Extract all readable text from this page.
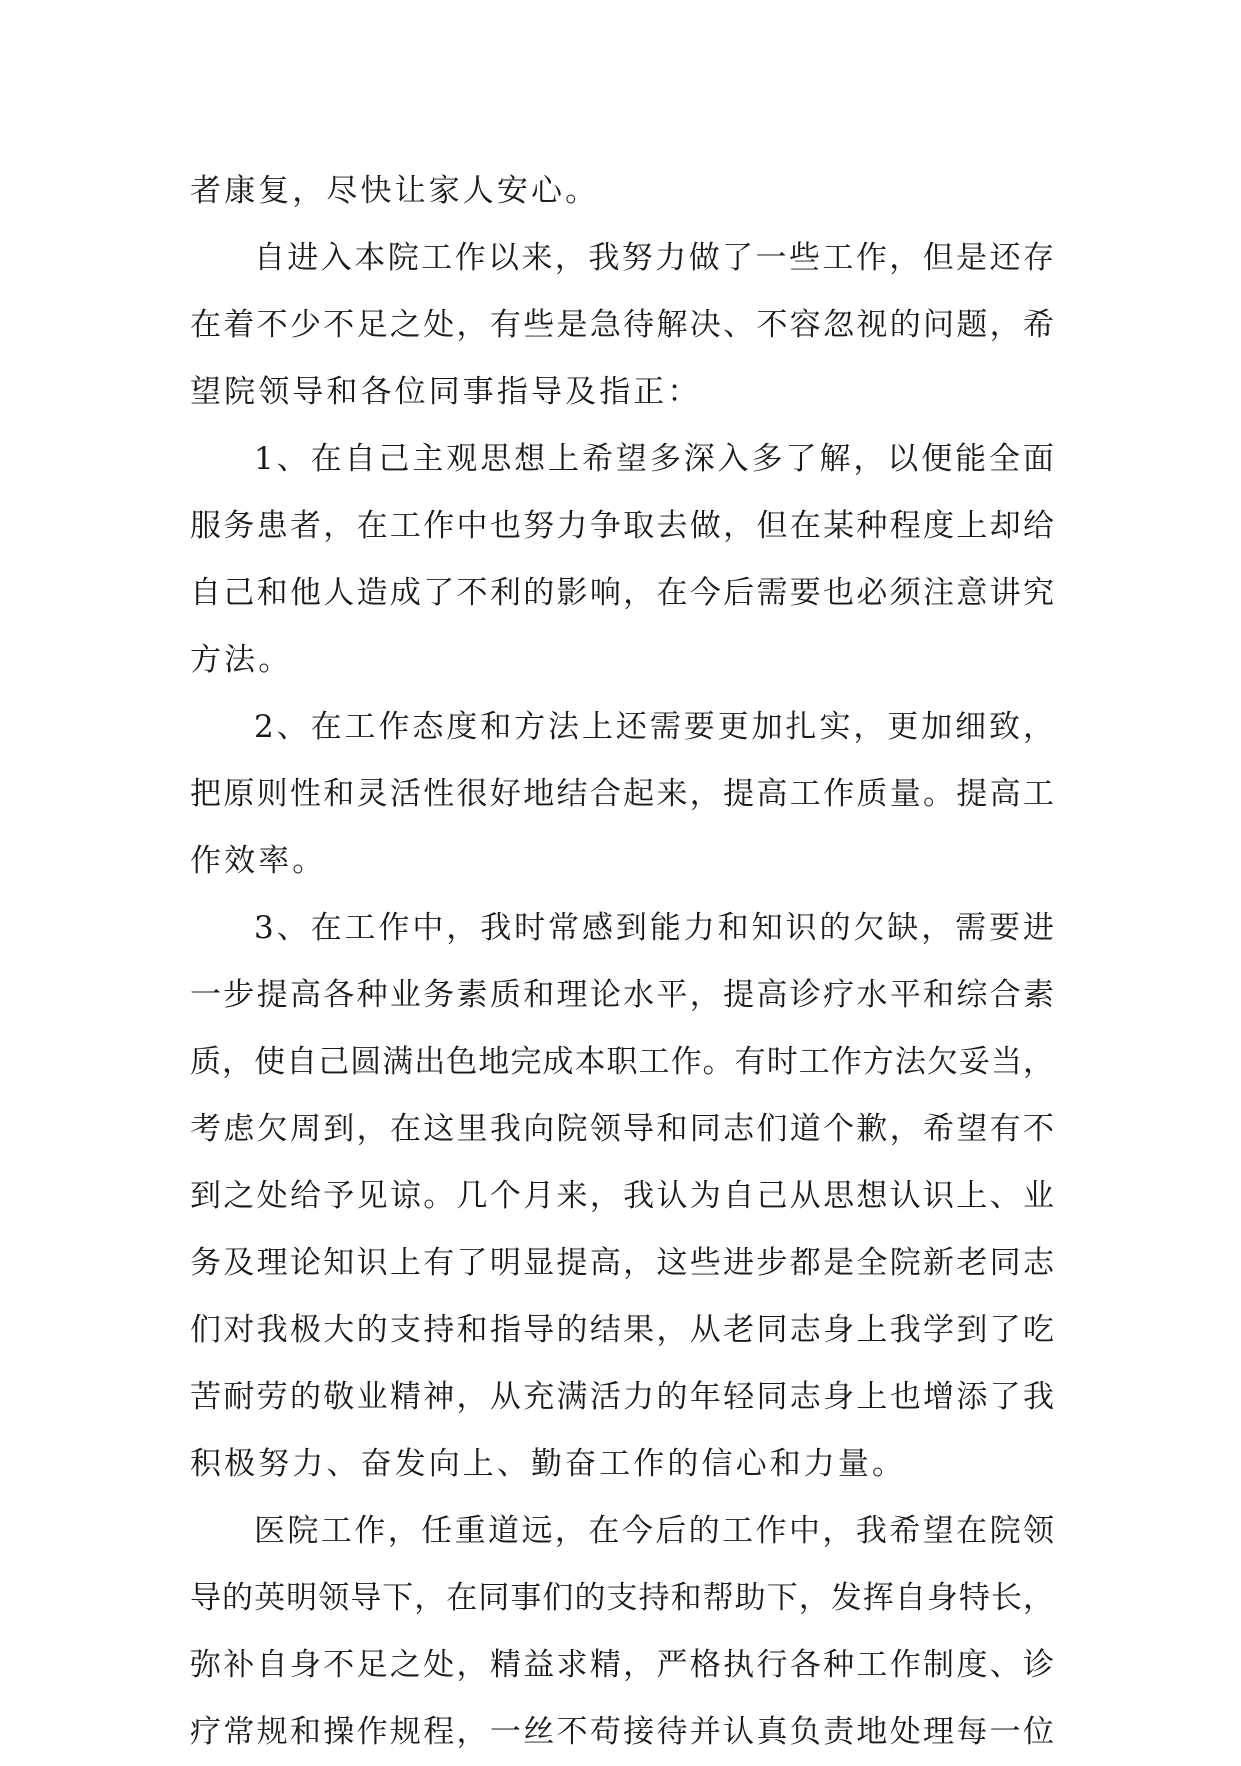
者康复，尽快让家人安心。
自进入本院工作以来，我努力做了一些工作，但是还存
在着不少不足之处，有些是急待解决、不容忽视的问题，希
望院领导和各位同事指导及指正：
1、在自己主观思想上希望多深入多了解，以便能全面
服务患者，在工作中也努力争取去做，但在某种程度上却给
自己和他人造成了不利的影响，在今后需要也必须注意讲究
方法。
2、在工作态度和方法上还需要更加扎实，更加细致，
把原则性和灵活性很好地结合起来，提高工作质量。提高工
作效率。
3、在工作中，我时常感到能力和知识的欠缺，需要进
一步提高各种业务素质和理论水平，提高诊疗水平和综合素
质，使自己圆满出色地完成本职工作。有时工作方法欠妥当，
考虑欠周到，在这里我向院领导和同志们道个歉，希望有不
到之处给予见谅。几个月来，我认为自己从思想认识上、业
务及理论知识上有了明显提高，这些进步都是全院新老同志
们对我极大的支持和指导的结果，从老同志身上我学到了吃
苦耐劳的敬业精神，从充满活力的年轻同志身上也增添了我
积极努力、奋发向上、勤奋工作的信心和力量。
医院工作，任重道远，在今后的工作中，我希望在院领
导的英明领导下，在同事们的支持和帮助下，发挥自身特长，
弥补自身不足之处，精益求精，严格执行各种工作制度、诊
疗常规和操作规程，一丝不苟接待并认真负责地处理每一位
